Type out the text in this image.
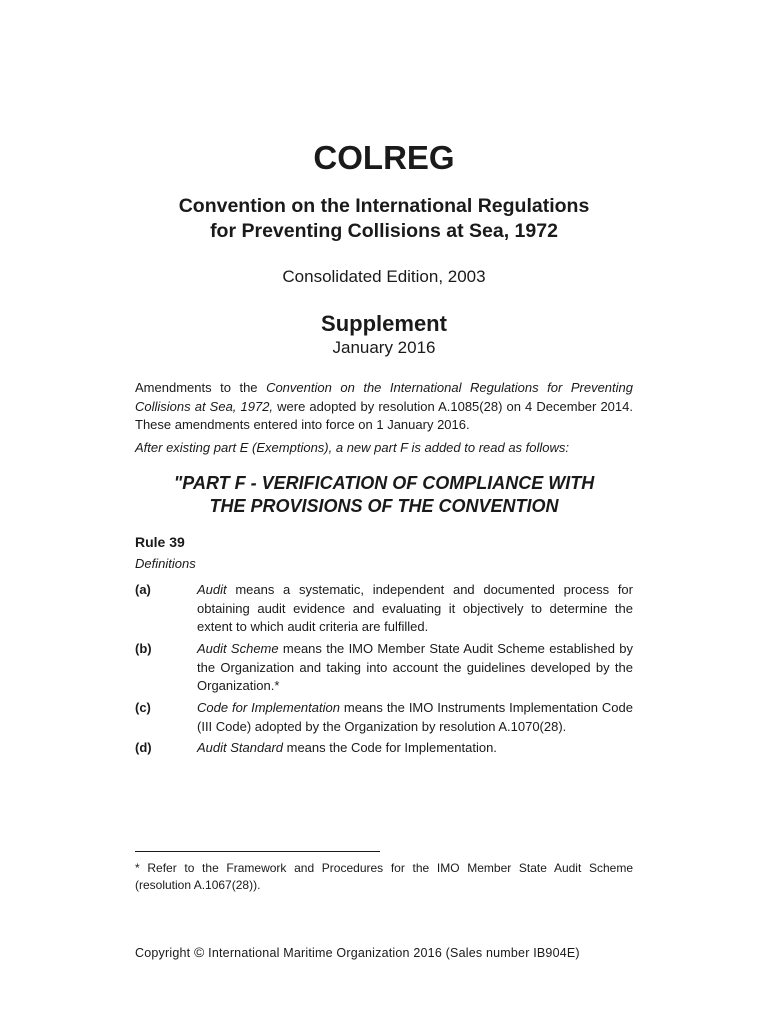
COLREG
Convention on the International Regulations
for Preventing Collisions at Sea, 1972
Consolidated Edition, 2003
Supplement
January 2016
Amendments to the Convention on the International Regulations for Preventing Collisions at Sea, 1972, were adopted by resolution A.1085(28) on 4 December 2014. These amendments entered into force on 1 January 2016.
After existing part E (Exemptions), a new part F is added to read as follows:
"PART F - VERIFICATION OF COMPLIANCE WITH
THE PROVISIONS OF THE CONVENTION
Rule 39
Definitions
(a)	Audit means a systematic, independent and documented process for obtaining audit evidence and evaluating it objectively to determine the extent to which audit criteria are fulfilled.
(b)	Audit Scheme means the IMO Member State Audit Scheme established by the Organization and taking into account the guidelines developed by the Organization.*
(c)	Code for Implementation means the IMO Instruments Implementation Code (III Code) adopted by the Organization by resolution A.1070(28).
(d)	Audit Standard means the Code for Implementation.
* Refer to the Framework and Procedures for the IMO Member State Audit Scheme (resolution A.1067(28)).
Copyright © International Maritime Organization 2016 (Sales number IB904E)
